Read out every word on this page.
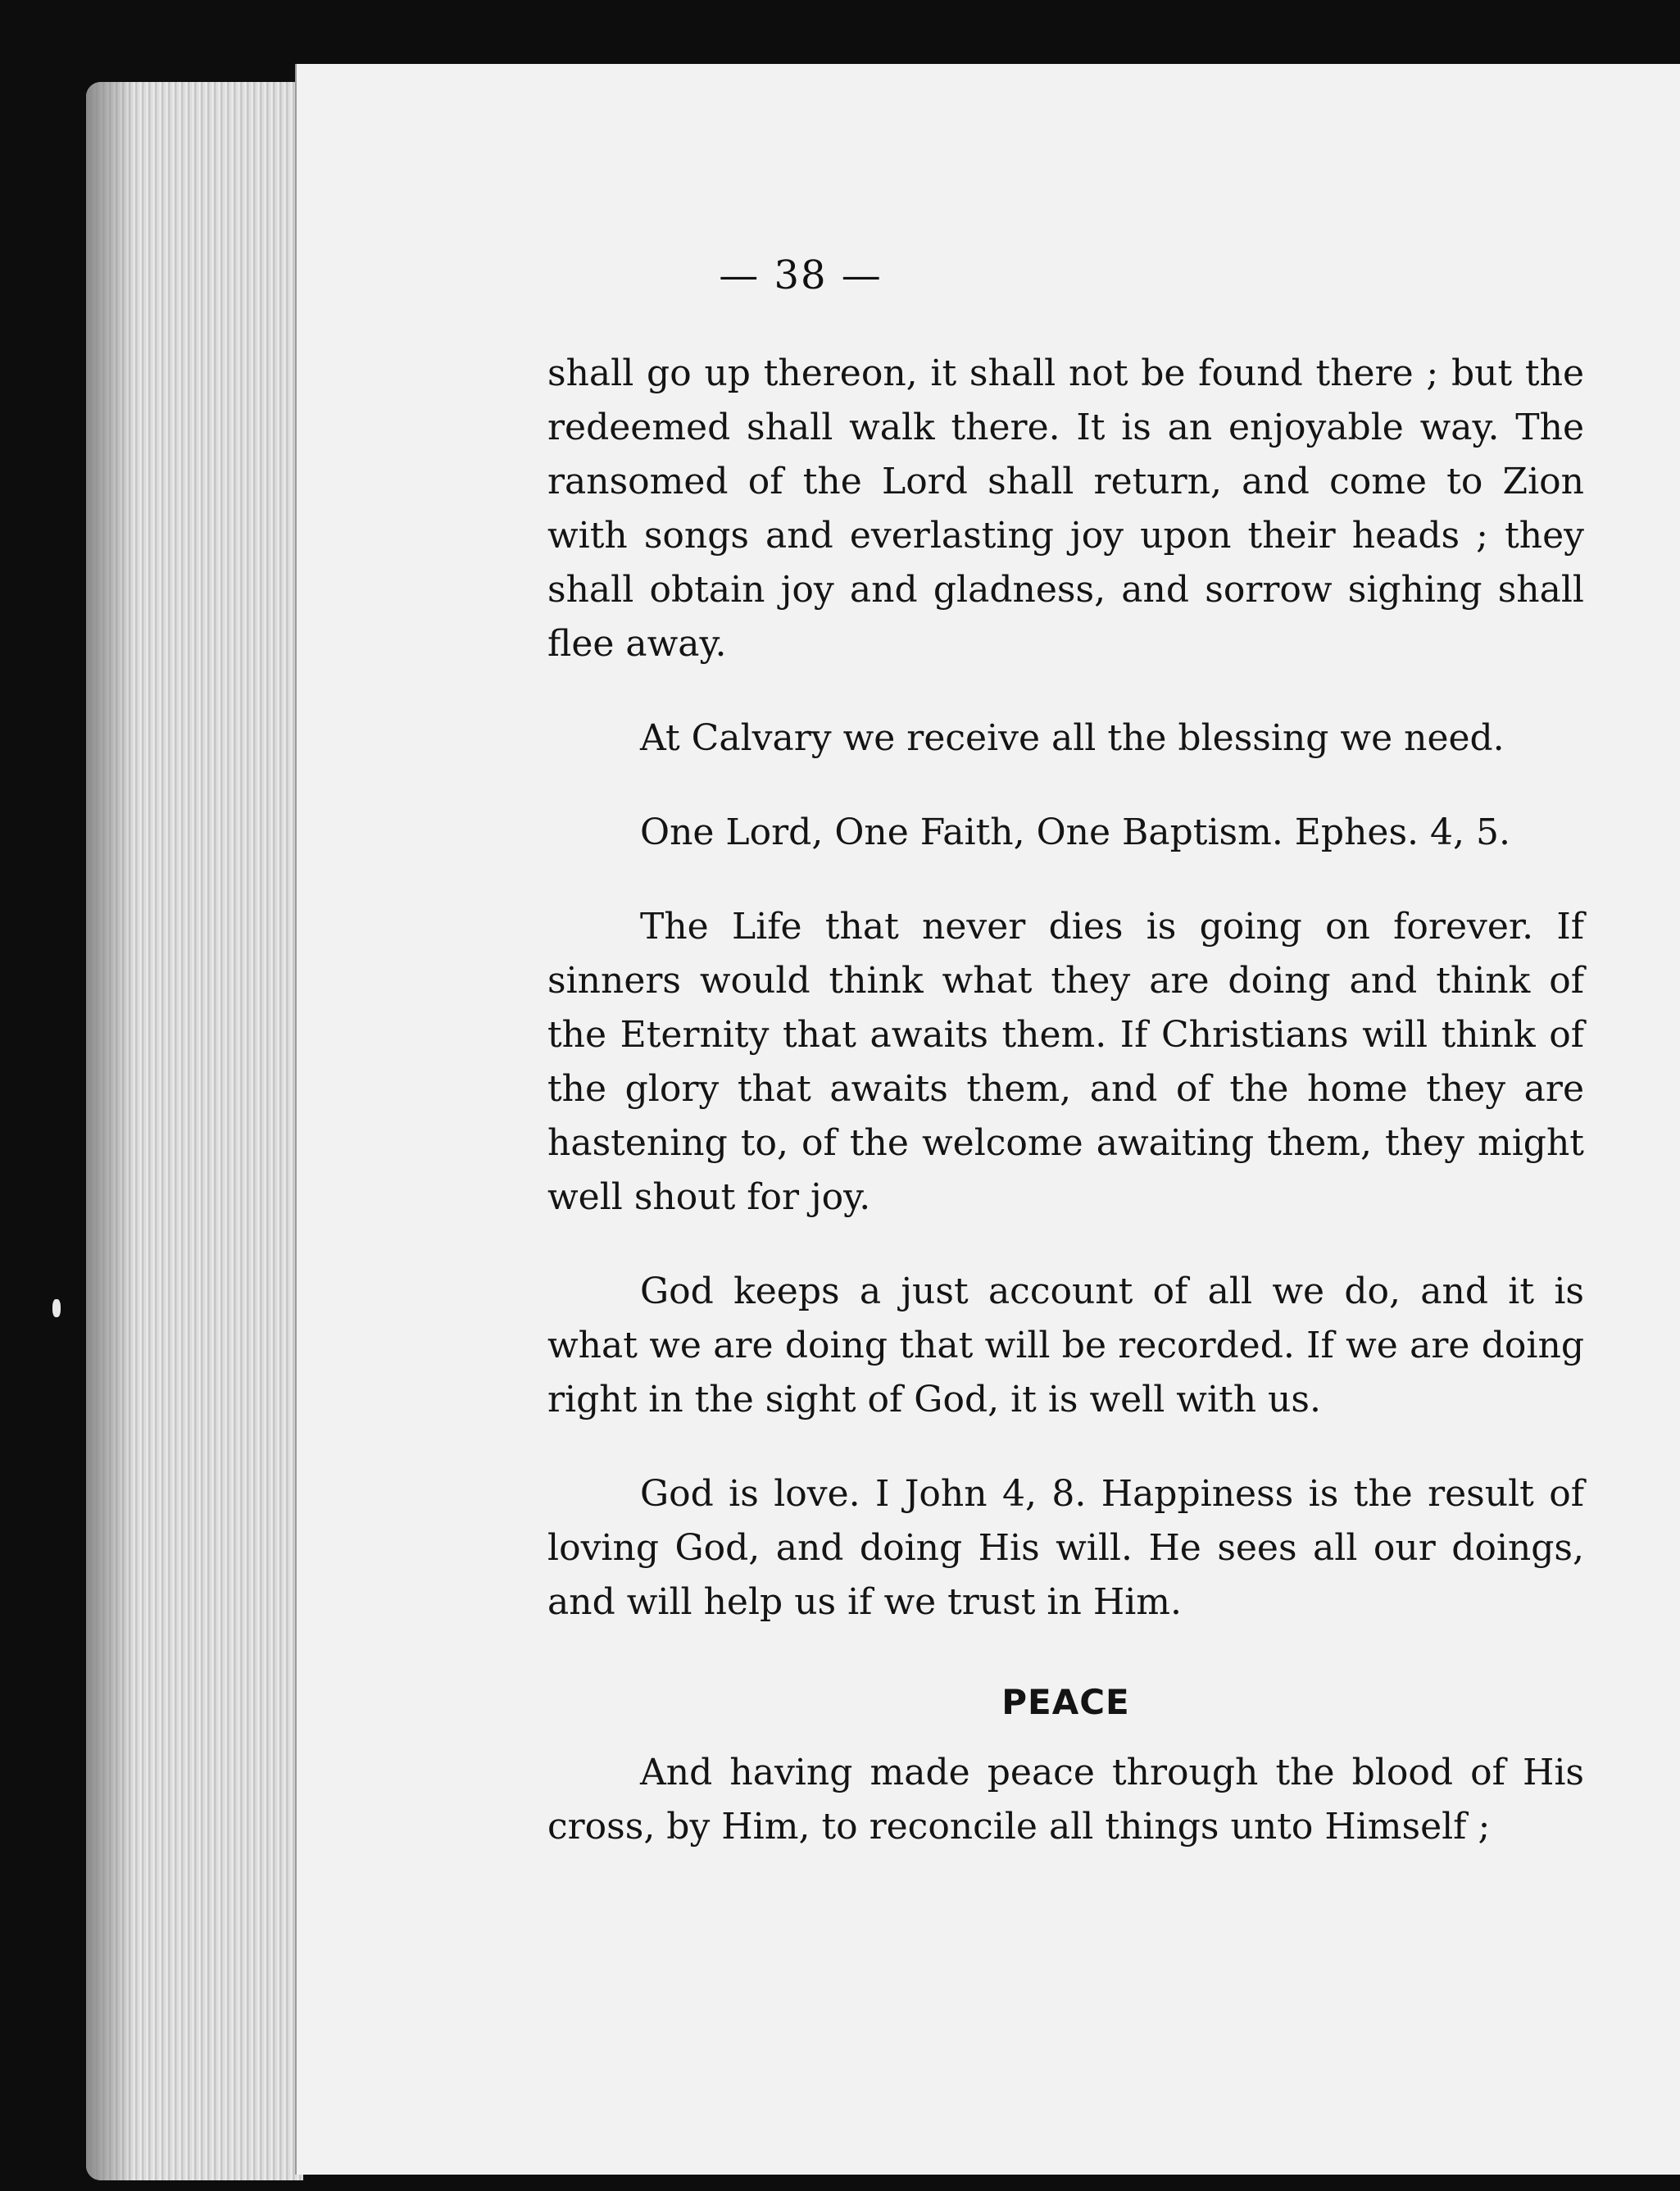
— 38 —

shall go up thereon, it shall not be found there ; but the redeemed shall walk there. It is an enjoyable way. The ransomed of the Lord shall return, and come to Zion with songs and everlasting joy upon their heads ; they shall obtain joy and gladness, and sorrow sighing shall flee away.

At Calvary we receive all the blessing we need.

One Lord, One Faith, One Baptism. Ephes. 4, 5.

The Life that never dies is going on forever. If sinners would think what they are doing and think of the Eternity that awaits them. If Christians will think of the glory that awaits them, and of the home they are hastening to, of the welcome awaiting them, they might well shout for joy.

God keeps a just account of all we do, and it is what we are doing that will be recorded. If we are doing right in the sight of God, it is well with us.

God is love. I John 4, 8. Happiness is the result of loving God, and doing His will. He sees all our doings, and will help us if we trust in Him.

PEACE

And having made peace through the blood of His cross, by Him, to reconcile all things unto Himself ;
